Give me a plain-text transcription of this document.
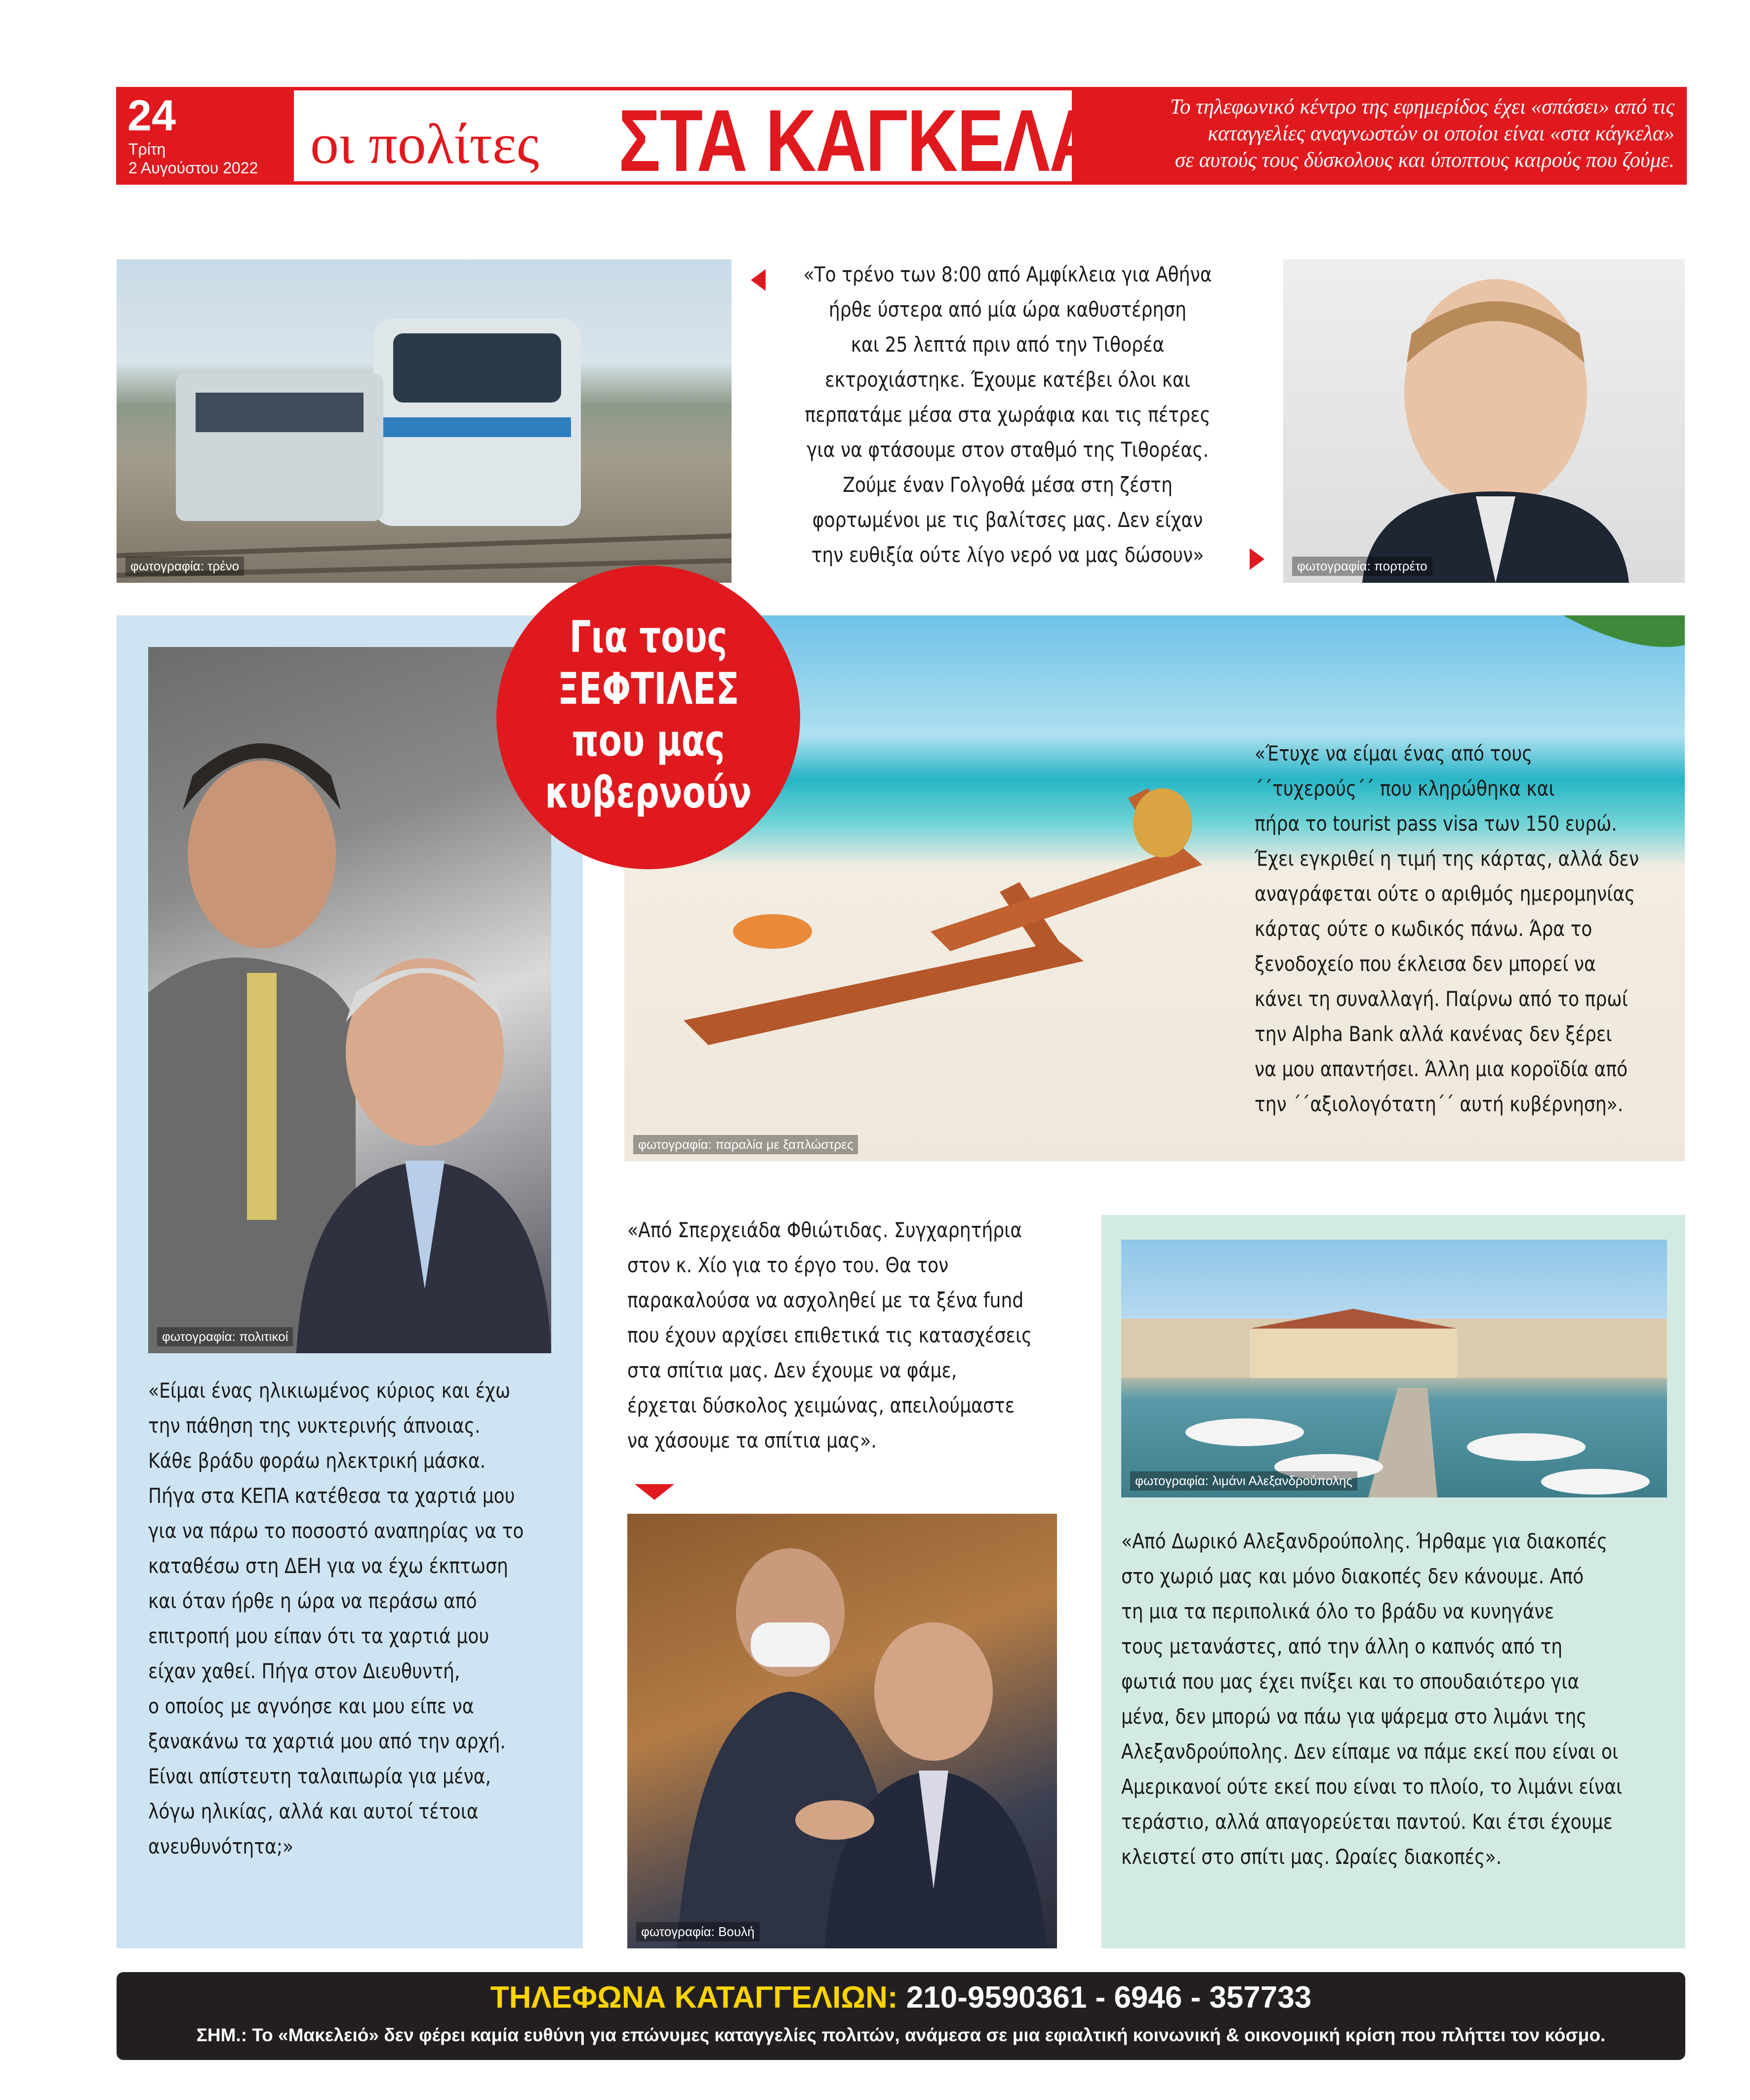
24
Τρίτη
2 Αυγούστου 2022 οι πολίτες ΣΤΑ ΚΑΓΚΕΛΑ	Το τηλεφωνικό κέντρο της εφημερίδος έχει «σπάσει» από τις
καταγγελίες αναγνωστών οι οποίοι είναι «στα κάγκελα»
σε αυτούς τους δύσκολους και ύποπτους καιρούς που ζούμε.
φωτογραφία: τρένο
«Το τρένο των 8:00 από Αμφίκλεια για Αθήνα
ήρθε ύστερα από μία ώρα καθυστέρηση
και 25 λεπτά πριν από την Τιθορέα
εκτροχιάστηκε. Έχουμε κατέβει όλοι και
περπατάμε μέσα στα χωράφια και τις πέτρες
για να φτάσουμε στον σταθμό της Τιθορέας.
Ζούμε έναν Γολγοθά μέσα στη ζέστη
φορτωμένοι με τις βαλίτσες μας. Δεν είχαν
την ευθιξία ούτε λίγο νερό να μας δώσουν»	φωτογραφία: πορτρέτο
φωτογραφία: πολιτικοί
«Είμαι ένας ηλικιωμένος κύριος και έχω
την πάθηση της νυκτερινής άπνοιας.
Κάθε βράδυ φοράω ηλεκτρική μάσκα.
Πήγα στα ΚΕΠΑ κατέθεσα τα χαρτιά μου
για να πάρω το ποσοστό αναπηρίας να το
καταθέσω στη ΔΕΗ για να έχω έκπτωση
και όταν ήρθε η ώρα να περάσω από
επιτροπή μου είπαν ότι τα χαρτιά μου
είχαν χαθεί. Πήγα στον Διευθυντή,
ο οποίος με αγνόησε και μου είπε να
ξανακάνω τα χαρτιά μου από την αρχή.
Είναι απίστευτη ταλαιπωρία για μένα,
λόγω ηλικίας, αλλά και αυτοί τέτοια
ανευθυνότητα;»
φωτογραφία: παραλία με ξαπλώστρες
«Έτυχε να είμαι ένας από τους
΄΄τυχερούς΄΄ που κληρώθηκα και
πήρα το tourist pass visa των 150 ευρώ.
Έχει εγκριθεί η τιμή της κάρτας, αλλά δεν
αναγράφεται ούτε ο αριθμός ημερομηνίας
κάρτας ούτε ο κωδικός πάνω. Άρα το
ξενοδοχείο που έκλεισα δεν μπορεί να
κάνει τη συναλλαγή. Παίρνω από το πρωί
την Alpha Bank αλλά κανένας δεν ξέρει
να μου απαντήσει. Άλλη μια κοροϊδία από
την ΄΄αξιολογότατη΄΄ αυτή κυβέρνηση».
Για τους
ΞΕΦΤΙΛΕΣ
που μας
κυβερνούν
«Από Σπερχειάδα Φθιώτιδας. Συγχαρητήρια
στον κ. Χίο για το έργο του. Θα τον
παρακαλούσα να ασχοληθεί με τα ξένα fund
που έχουν αρχίσει επιθετικά τις κατασχέσεις
στα σπίτια μας. Δεν έχουμε να φάμε,
έρχεται δύσκολος χειμώνας, απειλούμαστε
να χάσουμε τα σπίτια μας».
φωτογραφία: Βουλή
φωτογραφία: λιμάνι Αλεξανδρούπολης
«Από Δωρικό Αλεξανδρούπολης. Ήρθαμε για διακοπές
στο χωριό μας και μόνο διακοπές δεν κάνουμε. Από
τη μια τα περιπολικά όλο το βράδυ να κυνηγάνε
τους μετανάστες, από την άλλη ο καπνός από τη
φωτιά που μας έχει πνίξει και το σπουδαιότερο για
μένα, δεν μπορώ να πάω για ψάρεμα στο λιμάνι της
Αλεξανδρούπολης. Δεν είπαμε να πάμε εκεί που είναι οι
Αμερικανοί ούτε εκεί που είναι το πλοίο, το λιμάνι είναι
τεράστιο, αλλά απαγορεύεται παντού. Και έτσι έχουμε
κλειστεί στο σπίτι μας. Ωραίες διακοπές».
ΤΗΛΕΦΩΝΑ ΚΑΤΑΓΓΕΛΙΩΝ: 210-9590361 - 6946 - 357733
ΣΗΜ.: Το «Μακελειό» δεν φέρει καμία ευθύνη για επώνυμες καταγγελίες πολιτών, ανάμεσα σε μια εφιαλτική κοινωνική & οικονομική κρίση που πλήττει τον κόσμο.
